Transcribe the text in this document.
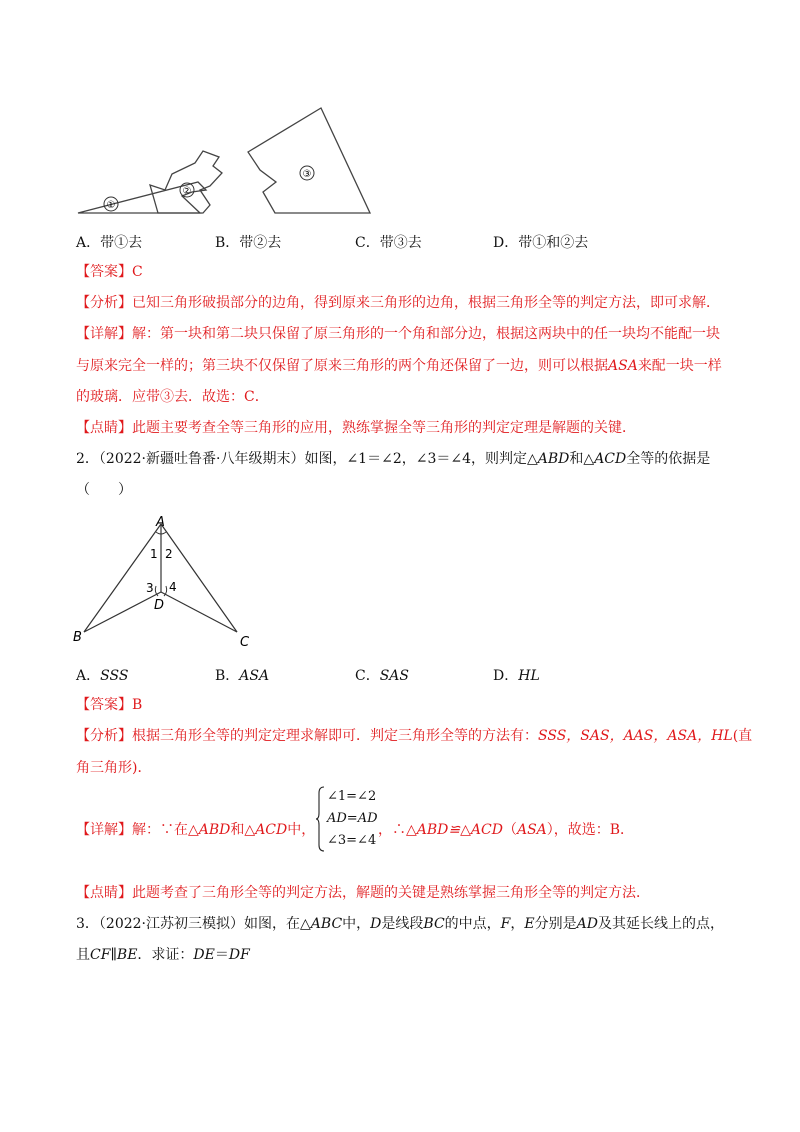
①
②
③
A．带①去	B．带②去	C．带③去	D．带①和②去
【答案】C
【分析】已知三角形破损部分的边角，得到原来三角形的边角，根据三角形全等的判定方法，即可求解．
【详解】解：第一块和第二块只保留了原三角形的一个角和部分边，根据这两块中的任一块均不能配一块
与原来完全一样的；第三块不仅保留了原来三角形的两个角还保留了一边，则可以根据ASA来配一块一样
的玻璃．应带③去．故选：C．
【点睛】此题主要考查全等三角形的应用，熟练掌握全等三角形的判定定理是解题的关键．
2．（2022·新疆吐鲁番·八年级期末）如图，∠1＝∠2，∠3＝∠4，则判定△ABD和△ACD全等的依据是
（　　）
A
B	C
D
1 2
3 4
A．SSS	B．ASA	C．SAS	D．HL
【答案】B
【分析】根据三角形全等的判定定理求解即可．判定三角形全等的方法有：SSS，SAS，AAS，ASA，HL(直
角三角形)．
【详解】解：∵在△ABD和△ACD中，
∠1=∠2
AD=AD
∠3=∠4
，∴△ABD≌△ACD（ASA），故选：B．
【点睛】此题考查了三角形全等的判定方法，解题的关键是熟练掌握三角形全等的判定方法．
3．（2022·江苏初三模拟）如图，在△ABC中，D是线段BC的中点，F，E分别是AD及其延长线上的点，
且CF∥BE．求证：DE＝DF
